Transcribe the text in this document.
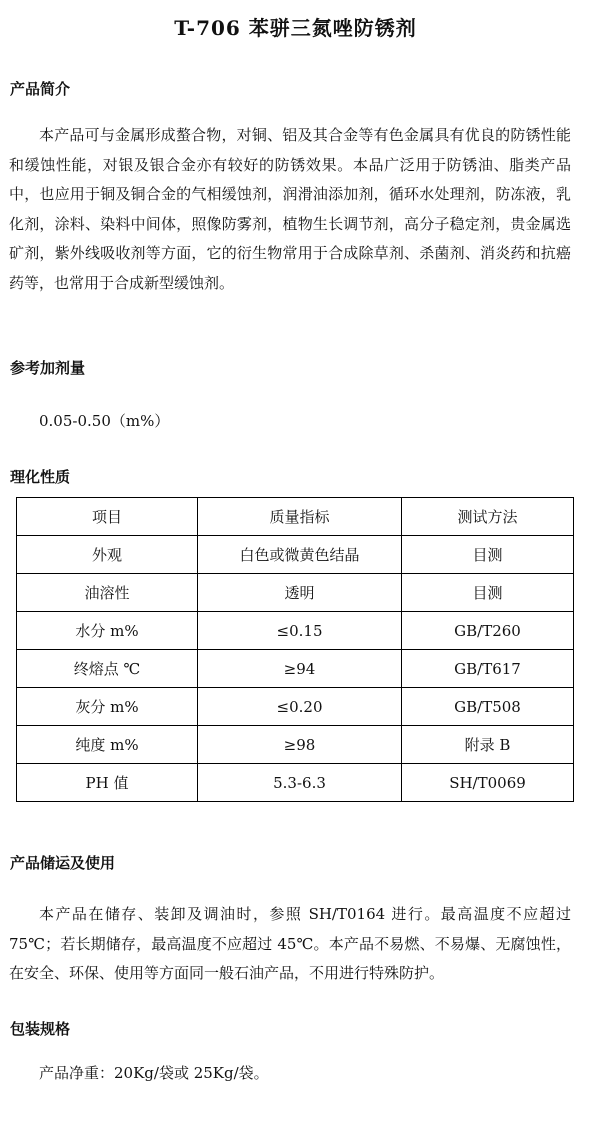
T-706 苯骈三氮唑防锈剂
产品简介
本产品可与金属形成螯合物，对铜、铝及其合金等有色金属具有优良的防锈性能和缓蚀性能，对银及银合金亦有较好的防锈效果。本品广泛用于防锈油、脂类产品中，也应用于铜及铜合金的气相缓蚀剂，润滑油添加剂，循环水处理剂，防冻液，乳化剂，涂料、染料中间体，照像防雾剂，植物生长调节剂，高分子稳定剂，贵金属选矿剂，紫外线吸收剂等方面，它的衍生物常用于合成除草剂、杀菌剂、消炎药和抗癌药等，也常用于合成新型缓蚀剂。
参考加剂量
0.05-0.50（m%）
理化性质
项目	质量指标	测试方法
外观	白色或微黄色结晶	目测
油溶性	透明	目测
水分 m%	≤0.15	GB/T260
终熔点 ℃	≥94	GB/T617
灰分 m%	≤0.20	GB/T508
纯度 m%	≥98	附录 B
PH 值	5.3-6.3	SH/T0069
产品储运及使用
本产品在储存、装卸及调油时，参照 SH/T0164 进行。最高温度不应超过 75℃；若长期储存，最高温度不应超过 45℃。本产品不易燃、不易爆、无腐蚀性，在安全、环保、使用等方面同一般石油产品，不用进行特殊防护。
包装规格
产品净重：20Kg/袋或 25Kg/袋。
